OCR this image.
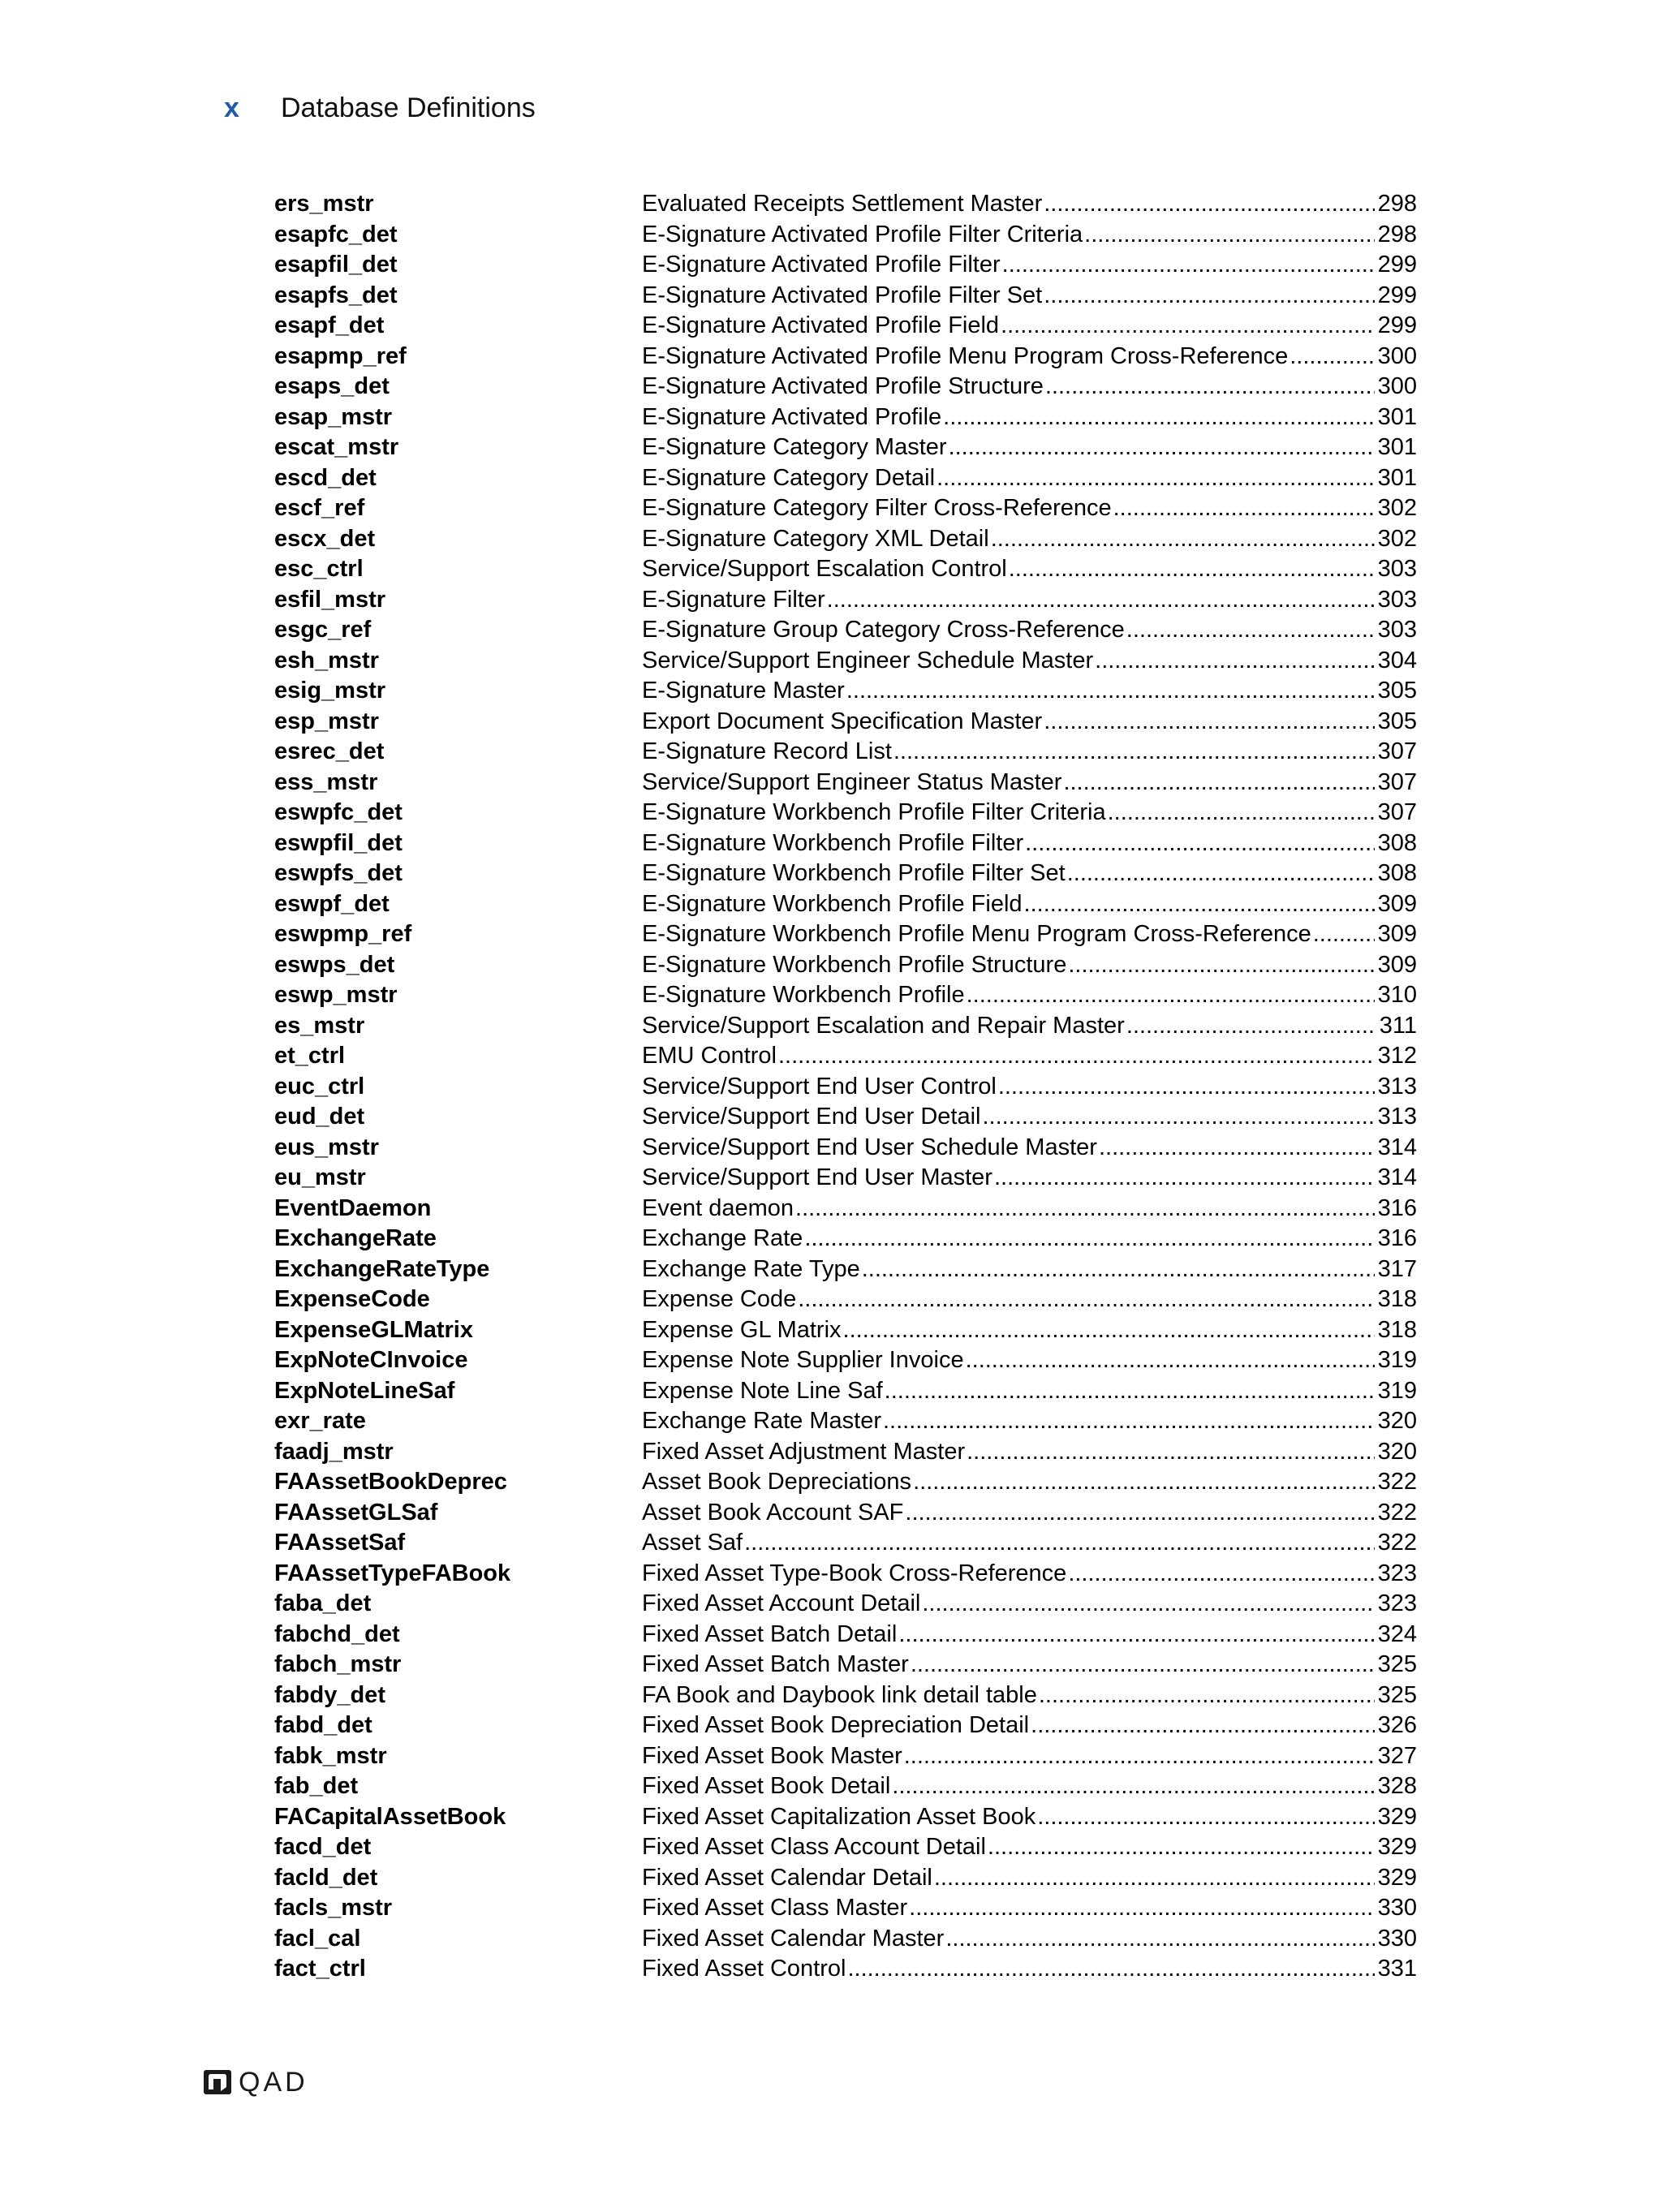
x	Database Definitions
ers_mstr	Evaluated Receipts Settlement Master .....	298
esapfc_det	E-Signature Activated Profile Filter Criteria .....	298
esapfil_det	E-Signature Activated Profile Filter .....	299
esapfs_det	E-Signature Activated Profile Filter Set .....	299
esapf_det	E-Signature Activated Profile Field .....	299
esapmp_ref	E-Signature Activated Profile Menu Program Cross-Reference .....	300
esaps_det	E-Signature Activated Profile Structure .....	300
esap_mstr	E-Signature Activated Profile .....	301
escat_mstr	E-Signature Category Master .....	301
escd_det	E-Signature Category Detail .....	301
escf_ref	E-Signature Category Filter Cross-Reference .....	302
escx_det	E-Signature Category XML Detail .....	302
esc_ctrl	Service/Support Escalation Control .....	303
esfil_mstr	E-Signature Filter .....	303
esgc_ref	E-Signature Group Category Cross-Reference .....	303
esh_mstr	Service/Support Engineer Schedule Master .....	304
esig_mstr	E-Signature Master .....	305
esp_mstr	Export Document Specification Master .....	305
esrec_det	E-Signature Record List .....	307
ess_mstr	Service/Support Engineer Status Master .....	307
eswpfc_det	E-Signature Workbench Profile Filter Criteria .....	307
eswpfil_det	E-Signature Workbench Profile Filter .....	308
eswpfs_det	E-Signature Workbench Profile Filter Set .....	308
eswpf_det	E-Signature Workbench Profile Field .....	309
eswpmp_ref	E-Signature Workbench Profile Menu Program Cross-Reference .....	309
eswps_det	E-Signature Workbench Profile Structure .....	309
eswp_mstr	E-Signature Workbench Profile .....	310
es_mstr	Service/Support Escalation and Repair Master .....	311
et_ctrl	EMU Control .....	312
euc_ctrl	Service/Support End User Control .....	313
eud_det	Service/Support End User Detail .....	313
eus_mstr	Service/Support End User Schedule Master .....	314
eu_mstr	Service/Support End User Master .....	314
EventDaemon	Event daemon .....	316
ExchangeRate	Exchange Rate .....	316
ExchangeRateType	Exchange Rate Type .....	317
ExpenseCode	Expense Code .....	318
ExpenseGLMatrix	Expense GL Matrix .....	318
ExpNoteCInvoice	Expense Note Supplier Invoice .....	319
ExpNoteLineSaf	Expense Note Line Saf .....	319
exr_rate	Exchange Rate Master .....	320
faadj_mstr	Fixed Asset Adjustment Master .....	320
FAAssetBookDeprec	Asset Book Depreciations .....	322
FAAssetGLSaf	Asset Book Account SAF .....	322
FAAssetSaf	Asset Saf .....	322
FAAssetTypeFABook	Fixed Asset Type-Book Cross-Reference .....	323
faba_det	Fixed Asset Account Detail .....	323
fabchd_det	Fixed Asset Batch Detail .....	324
fabch_mstr	Fixed Asset Batch Master .....	325
fabdy_det	FA Book and Daybook link detail table .....	325
fabd_det	Fixed Asset Book Depreciation Detail .....	326
fabk_mstr	Fixed Asset Book Master .....	327
fab_det	Fixed Asset Book Detail .....	328
FACapitalAssetBook	Fixed Asset Capitalization Asset Book .....	329
facd_det	Fixed Asset Class Account Detail .....	329
facld_det	Fixed Asset Calendar Detail .....	329
facls_mstr	Fixed Asset Class Master .....	330
facl_cal	Fixed Asset Calendar Master .....	330
fact_ctrl	Fixed Asset Control .....	331
QAD
